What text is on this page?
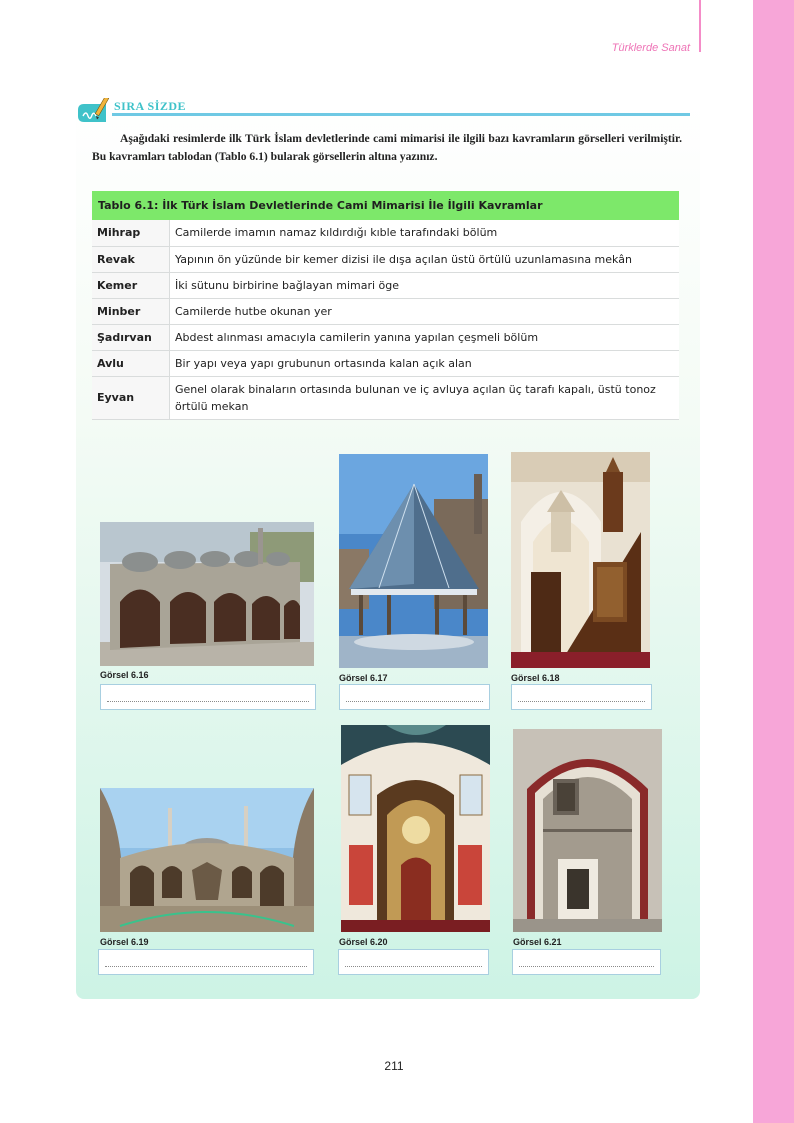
Türklerde Sanat
SIRA SİZDE
Aşağıdaki resimlerde ilk Türk İslam devletlerinde cami mimarisi ile ilgili bazı kavramların görselleri verilmiştir. Bu kavramları tablodan (Tablo 6.1) bularak görsellerin altına yazınız.
Tablo 6.1: İlk Türk İslam Devletlerinde Cami Mimarisi İle İlgili Kavramlar	
Mihrap	Camilerde imamın namaz kıldırdığı kıble tarafındaki bölüm
Revak	Yapının ön yüzünde bir kemer dizisi ile dışa açılan üstü örtülü uzunlamasına mekân
Kemer	İki sütunu birbirine bağlayan mimari öge
Minber	Camilerde hutbe okunan yer
Şadırvan	Abdest alınması amacıyla camilerin yanına yapılan çeşmeli bölüm
Avlu	Bir yapı veya yapı grubunun ortasında kalan açık alan
Eyvan	Genel olarak binaların ortasında bulunan ve iç avluya açılan üç tarafı kapalı, üstü tonoz örtülü mekan
Görsel 6.16	Görsel 6.17	Görsel 6.18
Görsel 6.19	Görsel 6.20	Görsel 6.21
211
